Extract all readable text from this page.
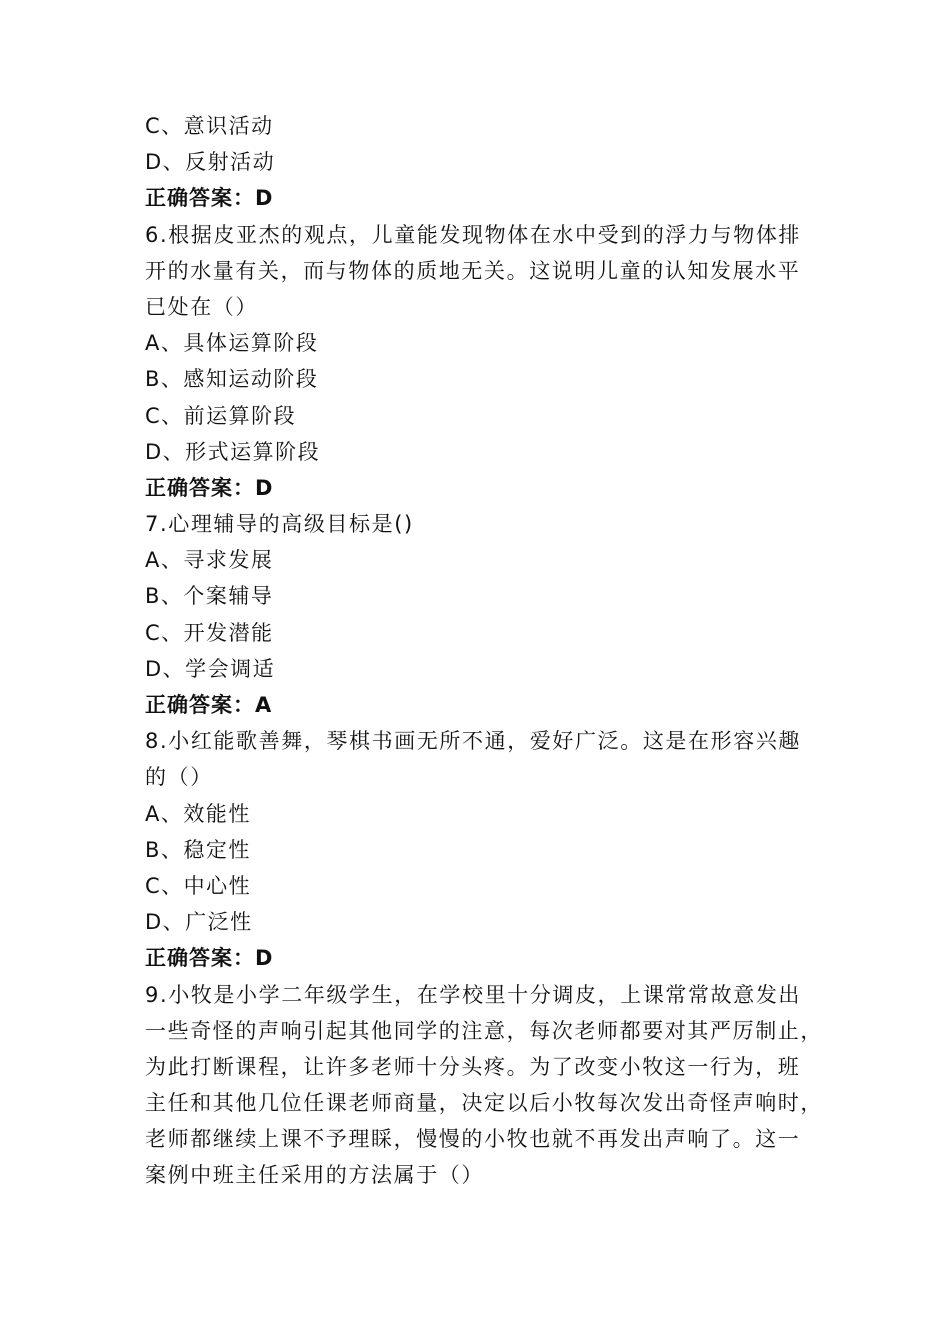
C、意识活动
D、反射活动
正确答案：D
6.根据皮亚杰的观点，儿童能发现物体在水中受到的浮力与物体排
开的水量有关，而与物体的质地无关。这说明儿童的认知发展水平
已处在（）
A、具体运算阶段
B、感知运动阶段
C、前运算阶段
D、形式运算阶段
正确答案：D
7.心理辅导的高级目标是()
A、寻求发展
B、个案辅导
C、开发潜能
D、学会调适
正确答案：A
8.小红能歌善舞，琴棋书画无所不通，爱好广泛。这是在形容兴趣
的（）
A、效能性
B、稳定性
C、中心性
D、广泛性
正确答案：D
9.小牧是小学二年级学生，在学校里十分调皮，上课常常故意发出
一些奇怪的声响引起其他同学的注意，每次老师都要对其严厉制止，
为此打断课程，让许多老师十分头疼。为了改变小牧这一行为，班
主任和其他几位任课老师商量，决定以后小牧每次发出奇怪声响时，
老师都继续上课不予理睬，慢慢的小牧也就不再发出声响了。这一
案例中班主任采用的方法属于（）
